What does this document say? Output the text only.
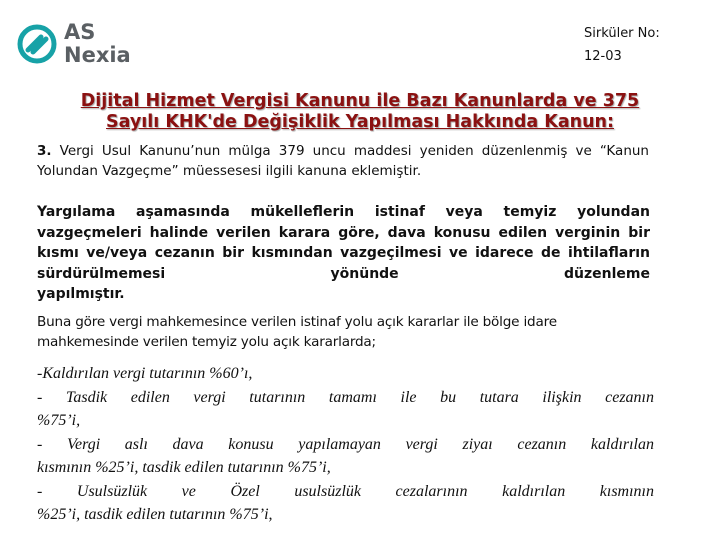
AS
Nexia
Sirküler No:
12-03
Dijital Hizmet Vergisi Kanunu ile Bazı Kanunlarda ve 375
Sayılı KHK'de Değişiklik Yapılması Hakkında Kanun:
3. Vergi Usul Kanunu’nun mülga 379 uncu maddesi yeniden düzenlenmiş ve “Kanun Yolundan Vazgeçme” müessesesi ilgili kanuna eklemiştir.
Yargılama aşamasında mükelleflerin istinaf veya temyiz yolundan vazgeçmeleri halinde verilen karara göre, dava konusu edilen verginin bir kısmı ve/veya cezanın bir kısmından vazgeçilmesi ve idarece de ihtilafların sürdürülmemesi yönünde düzenleme
yapılmıştır.
Buna göre vergi mahkemesince verilen istinaf yolu açık kararlar ile bölge idare mahkemesinde verilen temyiz yolu açık kararlarda;
-Kaldırılan vergi tutarının %60’ı,
- Tasdik edilen vergi tutarının tamamı ile bu tutara ilişkin cezanın
%75’i,
- Vergi aslı dava konusu yapılamayan vergi ziyaı cezanın kaldırılan
kısmının %25’i, tasdik edilen tutarının %75’i,
- Usulsüzlük ve Özel usulsüzlük cezalarının kaldırılan kısmının
%25’i, tasdik edilen tutarının %75’i,
